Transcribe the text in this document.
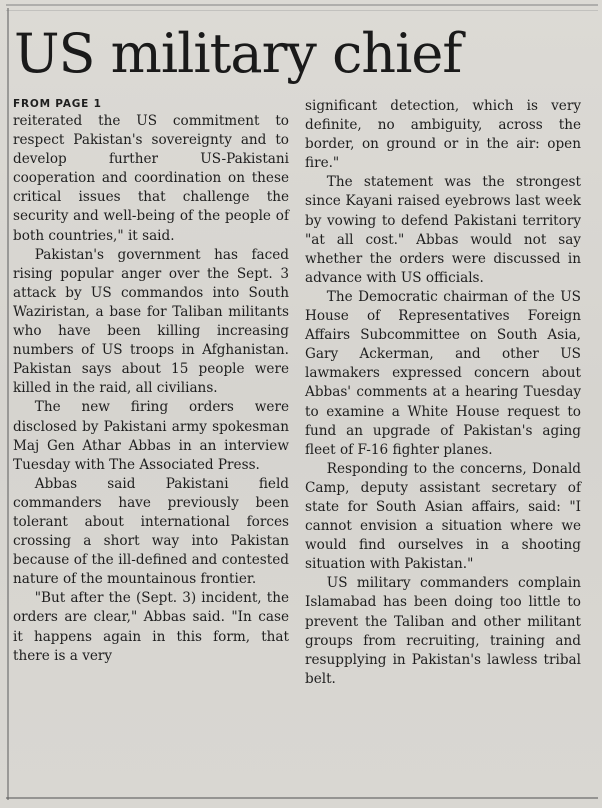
US military chief
FROM PAGE 1

reiterated the US commitment to respect Pakistan's sovereignty and to develop further US-Pakistani cooperation and coordination on these critical issues that challenge the security and well-being of the people of both countries," it said.

Pakistan's government has faced rising popular anger over the Sept. 3 attack by US commandos into South Waziristan, a base for Taliban militants who have been killing increasing numbers of US troops in Afghanistan. Pakistan says about 15 people were killed in the raid, all civilians.

The new firing orders were disclosed by Pakistani army spokesman Maj Gen Athar Abbas in an interview Tuesday with The Associated Press.

Abbas said Pakistani field commanders have previously been tolerant about international forces crossing a short way into Pakistan because of the ill-defined and contested nature of the mountainous frontier.

"But after the (Sept. 3) incident, the orders are clear," Abbas said. "In case it happens again in this form, that there is a very

significant detection, which is very definite, no ambiguity, across the border, on ground or in the air: open fire."

The statement was the strongest since Kayani raised eyebrows last week by vowing to defend Pakistani territory "at all cost." Abbas would not say whether the orders were discussed in advance with US officials.

The Democratic chairman of the US House of Representatives Foreign Affairs Subcommittee on South Asia, Gary Ackerman, and other US lawmakers expressed concern about Abbas' comments at a hearing Tuesday to examine a White House request to fund an upgrade of Pakistan's aging fleet of F-16 fighter planes.

Responding to the concerns, Donald Camp, deputy assistant secretary of state for South Asian affairs, said: "I cannot envision a situation where we would find ourselves in a shooting situation with Pakistan."

US military commanders complain Islamabad has been doing too little to prevent the Taliban and other militant groups from recruiting, training and resupplying in Pakistan's lawless tribal belt.
